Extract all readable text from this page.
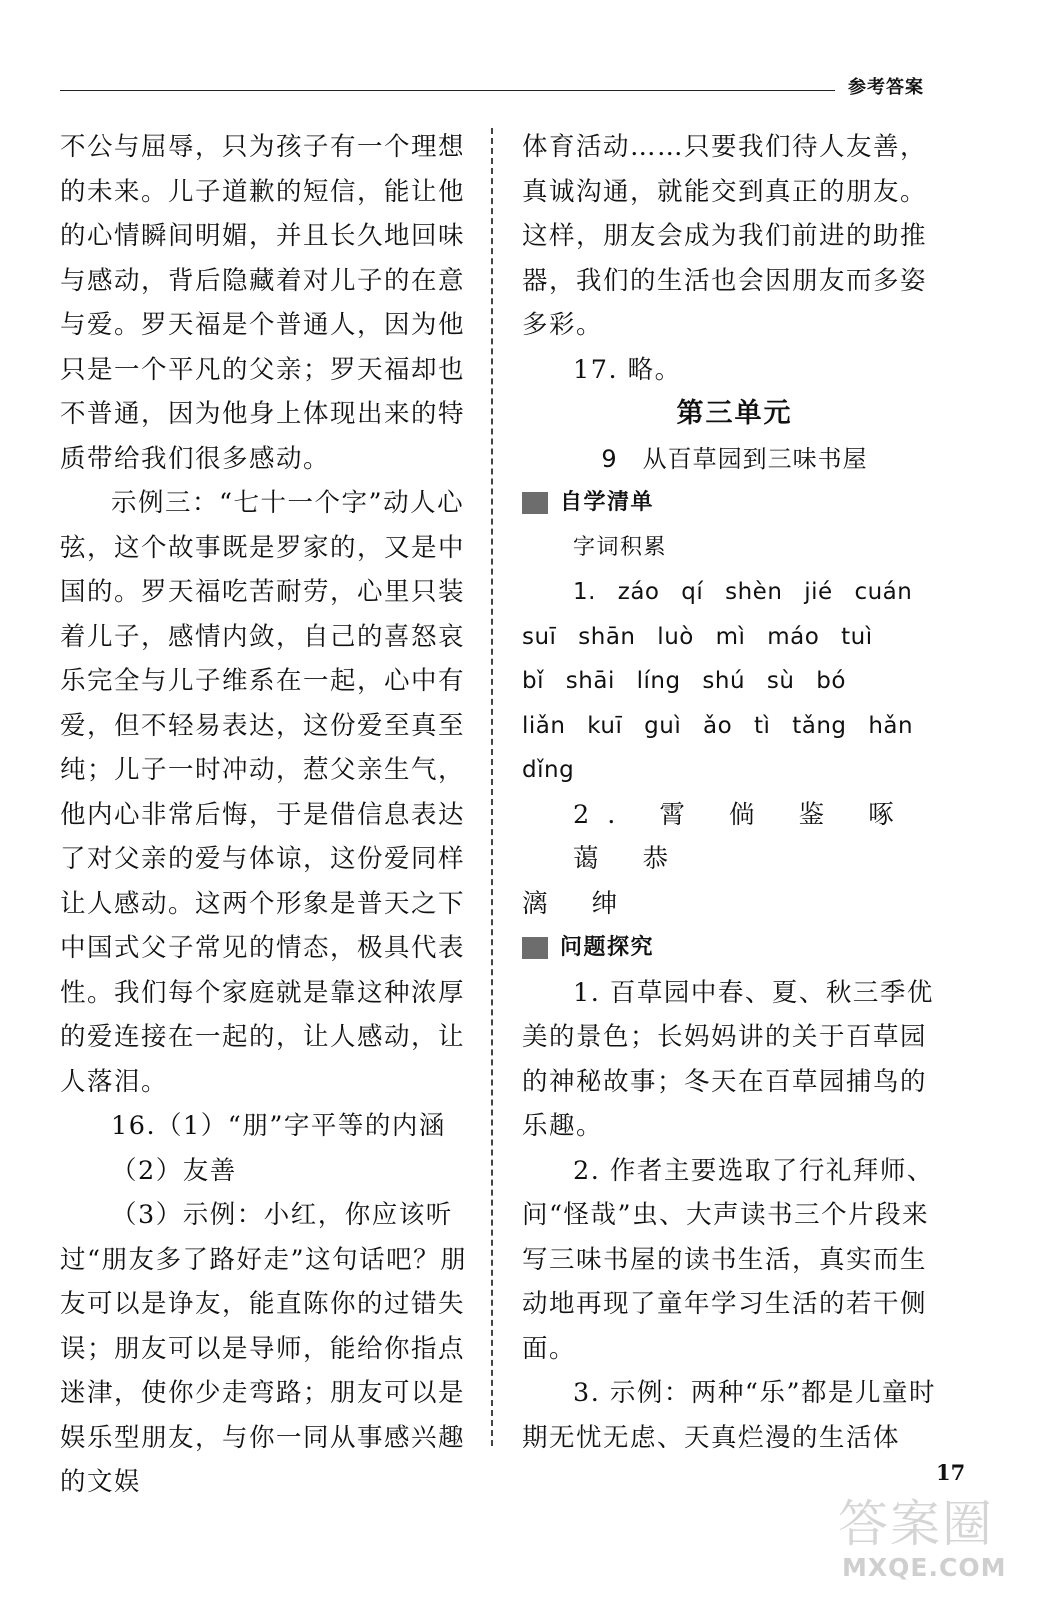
参考答案

不公与屈辱，只为孩子有一个理想的未来。儿子道歉的短信，能让他的心情瞬间明媚，并且长久地回味与感动，背后隐藏着对儿子的在意与爱。罗天福是个普通人，因为他只是一个平凡的父亲；罗天福却也不普通，因为他身上体现出来的特质带给我们很多感动。

示例三：“七十一个字”动人心弦，这个故事既是罗家的，又是中国的。罗天福吃苦耐劳，心里只装着儿子，感情内敛，自己的喜怒哀乐完全与儿子维系在一起，心中有爱，但不轻易表达，这份爱至真至纯；儿子一时冲动，惹父亲生气，他内心非常后悔，于是借信息表达了对父亲的爱与体谅，这份爱同样让人感动。这两个形象是普天之下中国式父子常见的情态，极具代表性。我们每个家庭就是靠这种浓厚的爱连接在一起的，让人感动，让人落泪。

16.（1）“朋”字平等的内涵

（2）友善

（3）示例：小红，你应该听过“朋友多了路好走”这句话吧？朋友可以是诤友，能直陈你的过错失误；朋友可以是导师，能给你指点迷津，使你少走弯路；朋友可以是娱乐型朋友，与你一同从事感兴趣的文娱

体育活动……只要我们待人友善，真诚沟通，就能交到真正的朋友。这样，朋友会成为我们前进的助推器，我们的生活也会因朋友而多姿多彩。

17. 略。

第三单元

9　从百草园到三味书屋

自学清单

字词积累

1. záo qí shèn jié cuán

suī shān luò mì máo tuì

bǐ shāi líng shú sù bó

liǎn kuī guì ǎo tì tǎng hǎn

dǐng

2. 霄 倘 鉴 啄 蔼 恭

漓 绅

问题探究

1. 百草园中春、夏、秋三季优美的景色；长妈妈讲的关于百草园的神秘故事；冬天在百草园捕鸟的乐趣。

2. 作者主要选取了行礼拜师、问“怪哉”虫、大声读书三个片段来写三味书屋的读书生活，真实而生动地再现了童年学习生活的若干侧面。

3. 示例：两种“乐”都是儿童时期无忧无虑、天真烂漫的生活体

17
答案圈
MXQE.COM
